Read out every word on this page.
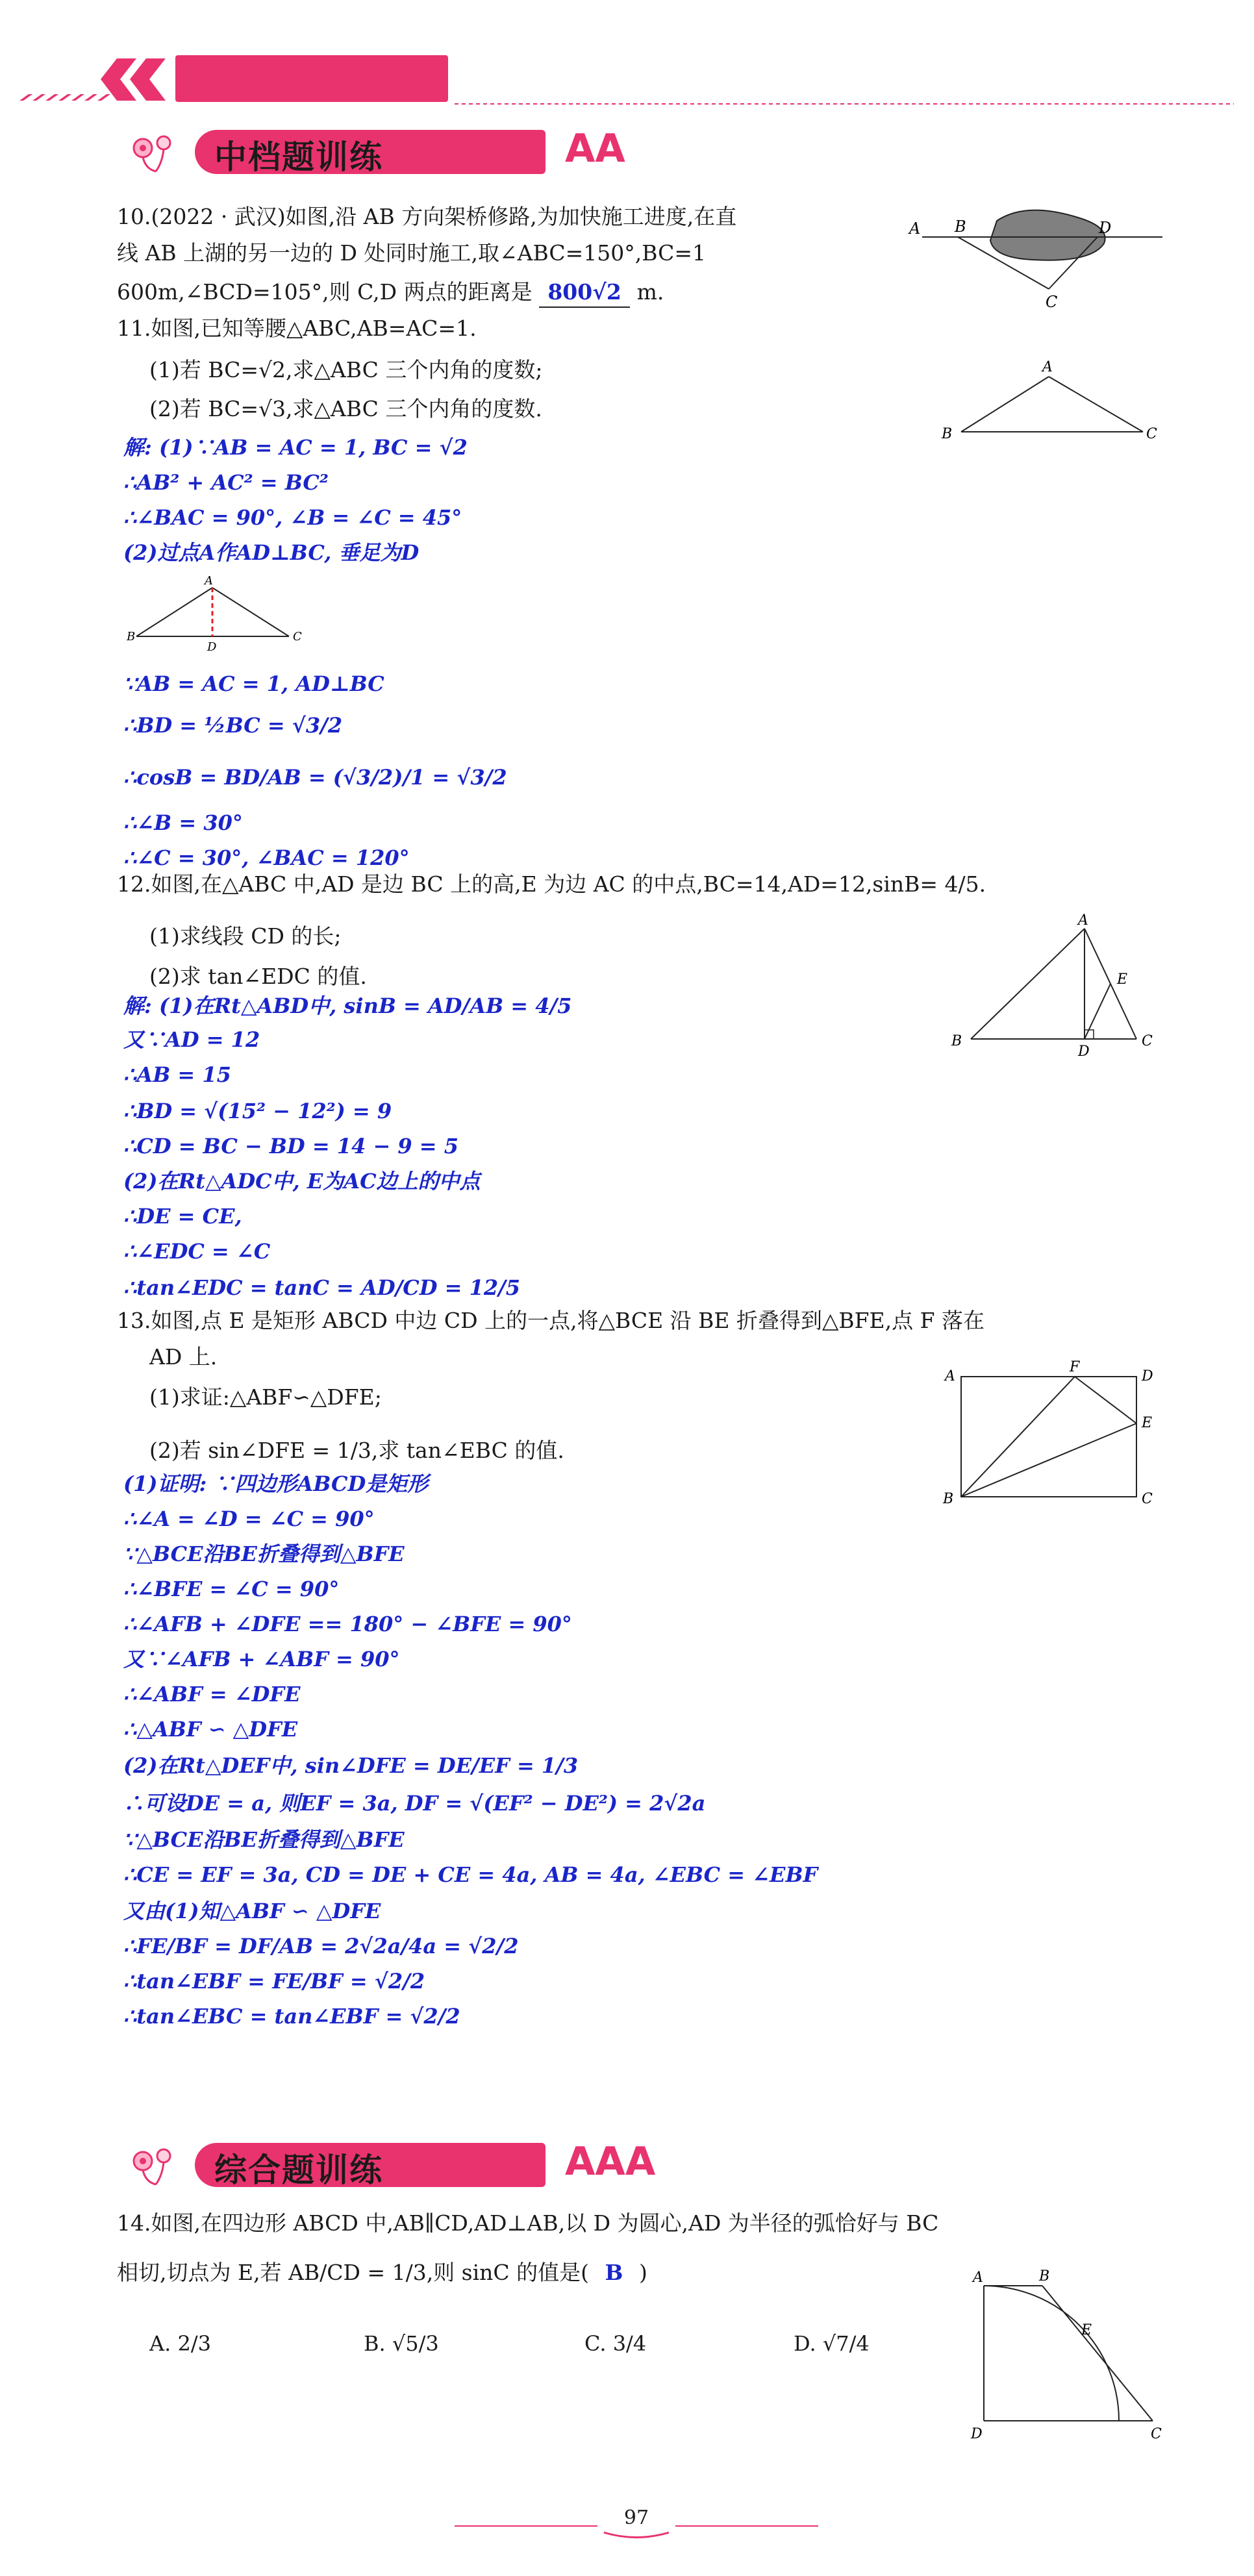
中档题训练	AA
10.(2022 · 武汉)如图,沿 AB 方向架桥修路,为加快施工进度,在直
线 AB 上湖的另一边的 D 处同时施工,取∠ABC=150°,BC=1
600m,∠BCD=105°,则 C,D 两点的距离是 800√2 m.
A B	D
C
11.如图,已知等腰△ABC,AB=AC=1.
(1)若 BC=√2,求△ABC 三个内角的度数;
(2)若 BC=√3,求△ABC 三个内角的度数.
A
B	C
解: (1)∵AB = AC = 1, BC = √2
∴AB² + AC² = BC²
∴∠BAC = 90°, ∠B = ∠C = 45°
(2)过点A作AD⊥BC, 垂足为D
A
B
D
C
∵AB = AC = 1, AD⊥BC
∴BD = ½BC = √3/2
∴cosB = BD/AB = (√3/2)/1 = √3/2
∴∠B = 30°
∴∠C = 30°, ∠BAC = 120°
12.如图,在△ABC 中,AD 是边 BC 上的高,E 为边 AC 的中点,BC=14,AD=12,sinB= 4/5.
(1)求线段 CD 的长;
(2)求 tan∠EDC 的值.
A
B	C
D
E
解: (1)在Rt△ABD中, sinB = AD/AB = 4/5
又∵AD = 12
∴AB = 15
∴BD = √(15² − 12²) = 9
∴CD = BC − BD = 14 − 9 = 5
(2)在Rt△ADC中, E为AC边上的中点
∴DE = CE,
∴∠EDC = ∠C
∴tan∠EDC = tanC = AD/CD = 12/5
13.如图,点 E 是矩形 ABCD 中边 CD 上的一点,将△BCE 沿 BE 折叠得到△BFE,点 F 落在
AD 上.
(1)求证:△ABF∽△DFE;
(2)若 sin∠DFE = 1/3,求 tan∠EBC 的值.
A
F
D
E
B	C
(1)证明: ∵四边形ABCD是矩形
∴∠A = ∠D = ∠C = 90°
∵△BCE沿BE折叠得到△BFE
∴∠BFE = ∠C = 90°
∴∠AFB + ∠DFE == 180° − ∠BFE = 90°
又∵∠AFB + ∠ABF = 90°
∴∠ABF = ∠DFE
∴△ABF ∽ △DFE
(2)在Rt△DEF中, sin∠DFE = DE/EF = 1/3
∴可设DE = a, 则EF = 3a, DF = √(EF² − DE²) = 2√2a
∵△BCE沿BE折叠得到△BFE
∴CE = EF = 3a, CD = DE + CE = 4a, AB = 4a, ∠EBC = ∠EBF
又由(1)知△ABF ∽ △DFE
∴FE/BF = DF/AB = 2√2a/4a = √2/2
∴tan∠EBF = FE/BF = √2/2
∴tan∠EBC = tan∠EBF = √2/2
综合题训练	AAA
14.如图,在四边形 ABCD 中,AB∥CD,AD⊥AB,以 D 为圆心,AD 为半径的弧恰好与 BC
相切,切点为 E,若 AB/CD = 1/3,则 sinC 的值是( B )
A. 2/3	B. √5/3	C. 3/4	D. √7/4
A	B
E
D	C
97
